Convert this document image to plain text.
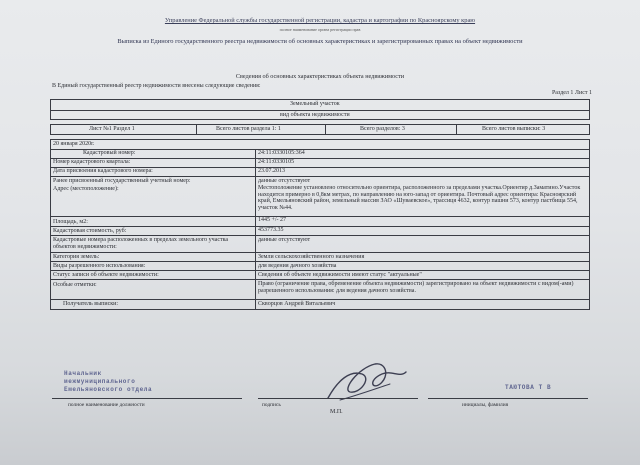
Управление Федеральной службы государственной регистрации, кадастра и картографии по Красноярскому краю
полное наименование органа регистрации прав
Выписка из Единого государственного реестра недвижимости об основных характеристиках и зарегистрированных правах на объект недвижимости
Сведения об основных характеристиках объекта недвижимости
В Единый государственный реестр недвижимости внесены следующие сведения:
Раздел 1 Лист 1
Земельный участок
вид объекта недвижимости
Лист №1 Раздел 1	Всего листов раздела 1: 1	Всего разделов: 3	Всего листов выписки: 3
20 января 2020г.
Кадастровый номер:	24:11:0330105:364
Номер кадастрового квартала:	24:11:0330105
Дата присвоения кадастрового номера:	23.07.2013
Ранее присвоенный государственный учетный номер:	данные отсутствуют
Адрес (местоположение):	Местоположение установлено относительно ориентира, расположенного за пределами участка.Ориентир д.Заматино.Участок находится примерно в 0,8км метрах, по направлению на юго-запад от ориентира. Почтовый адрес ориентира: Красноярский край, Емельяновский район, земельный массив ЗАО «Шуваевское», трассиця 4632, контур пашни 573, контур пастбища 554, участок №44.
Площадь, м2:	1445 +/- 27
Кадастровая стоимость, руб:	453773.35
Кадастровые номера расположенных в пределах земельного участка объектов недвижимости:
данные отсутствуют
Категория земель:	Земли сельскохозяйственного назначения
Виды разрешенного использования:	для ведения дачного хозяйства
Статус записи об объекте недвижимости:	Сведения об объекте недвижимости имеют статус "актуальные"
Особые отметки:	Право (ограничение права, обременение объекта недвижимости) зарегистрировано на объект недвижимости с видом(-ами) разрешенного использования: для ведения дачного хозяйства.
Получатель выписки:	Скворцов Андрей Витальевич
Начальник
межмуниципального
Емельяновского отдела	ТАЮТОВА Т В
полное наименование должности	подпись
М.П.
инициалы, фамилия
